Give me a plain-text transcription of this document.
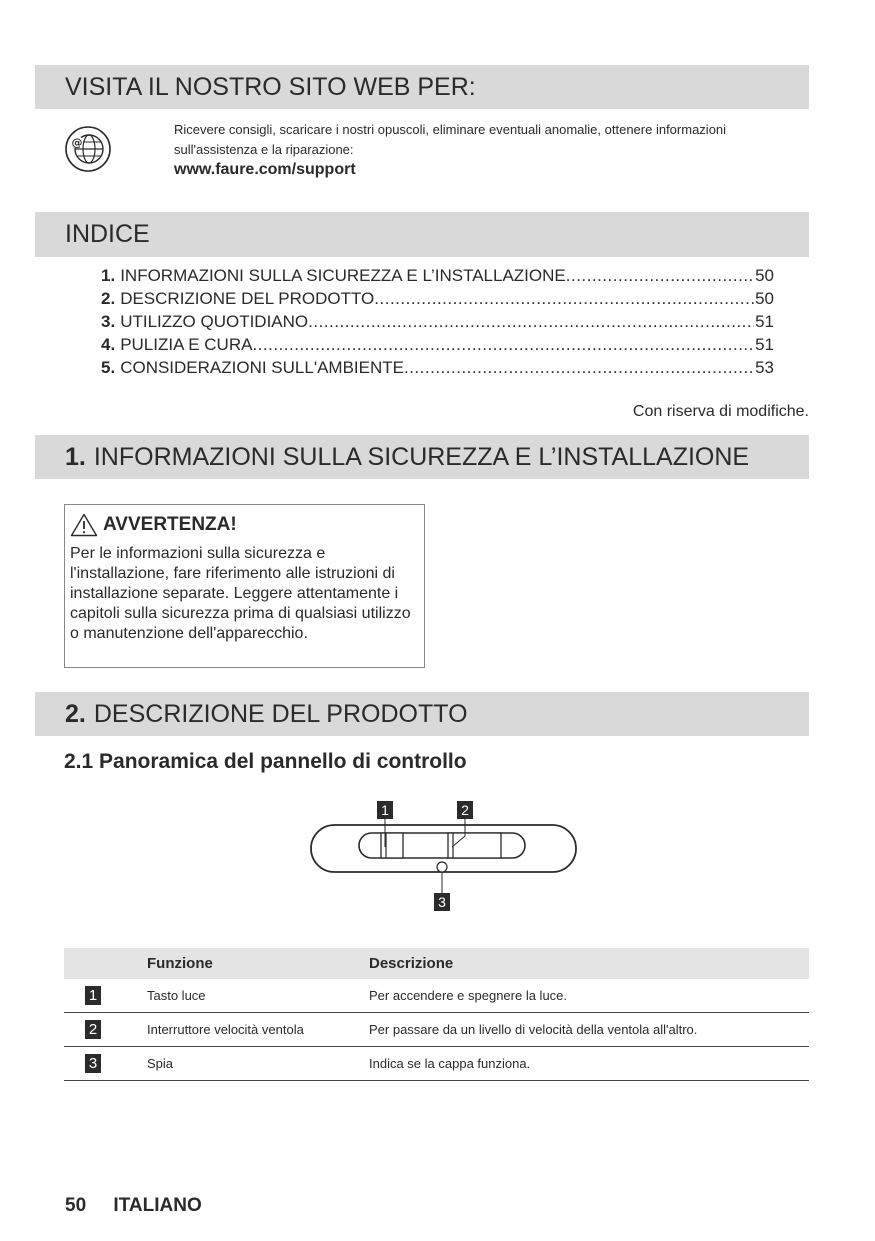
VISITA IL NOSTRO SITO WEB PER:
@
Ricevere consigli, scaricare i nostri opuscoli, eliminare eventuali anomalie, ottenere informazioni sull'assistenza e la riparazione:
www.faure.com/support
INDICE
1. INFORMAZIONI SULLA SICUREZZA E L’INSTALLAZIONE .....	50
2. DESCRIZIONE DEL PRODOTTO .....	50
3. UTILIZZO QUOTIDIANO .....	51
4. PULIZIA E CURA .....	51
5. CONSIDERAZIONI SULL'AMBIENTE .....	53
Con riserva di modifiche.
1. INFORMAZIONI SULLA SICUREZZA E L’INSTALLAZIONE
AVVERTENZA!
Per le informazioni sulla sicurezza e l'installazione, fare riferimento alle istruzioni di installazione separate. Leggere attentamente i capitoli sulla sicurezza prima di qualsiasi utilizzo o manutenzione dell'apparecchio.
2. DESCRIZIONE DEL PRODOTTO
2.1 Panoramica del pannello di controllo
1	2
3
	Funzione	Descrizione
1	Tasto luce	Per accendere e spegnere la luce.
2	Interruttore velocità ventola	Per passare da un livello di velocità della ventola all'altro.
3	Spia	Indica se la cappa funziona.
50 ITALIANO
